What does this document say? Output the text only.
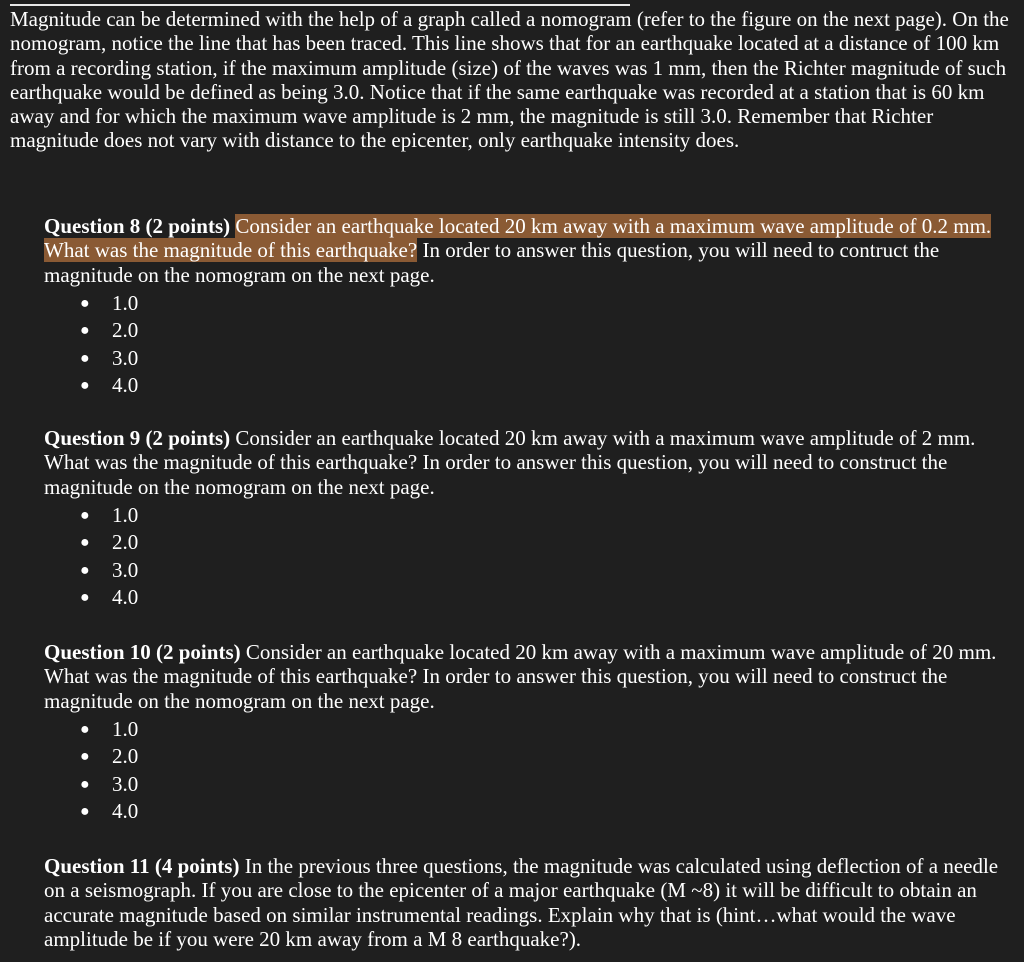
Magnitude can be determined with the help of a graph called a nomogram (refer to the figure on the next page). On the nomogram, notice the line that has been traced. This line shows that for an earthquake located at a distance of 100 km from a recording station, if the maximum amplitude (size) of the waves was 1 mm, then the Richter magnitude of such earthquake would be defined as being 3.0. Notice that if the same earthquake was recorded at a station that is 60 km away and for which the maximum wave amplitude is 2 mm, the magnitude is still 3.0. Remember that Richter magnitude does not vary with distance to the epicenter, only earthquake intensity does.

Question 8 (2 points) Consider an earthquake located 20 km away with a maximum wave amplitude of 0.2 mm. What was the magnitude of this earthquake? In order to answer this question, you will need to contruct the magnitude on the nomogram on the next page.

● 1.0
● 2.0
● 3.0
● 4.0

Question 9 (2 points) Consider an earthquake located 20 km away with a maximum wave amplitude of 2 mm. What was the magnitude of this earthquake? In order to answer this question, you will need to construct the magnitude on the nomogram on the next page.

● 1.0
● 2.0
● 3.0
● 4.0

Question 10 (2 points) Consider an earthquake located 20 km away with a maximum wave amplitude of 20 mm. What was the magnitude of this earthquake? In order to answer this question, you will need to construct the magnitude on the nomogram on the next page.

● 1.0
● 2.0
● 3.0
● 4.0

Question 11 (4 points) In the previous three questions, the magnitude was calculated using deflection of a needle on a seismograph. If you are close to the epicenter of a major earthquake (M ~8) it will be difficult to obtain an accurate magnitude based on similar instrumental readings. Explain why that is (hint…what would the wave amplitude be if you were 20 km away from a M 8 earthquake?).
